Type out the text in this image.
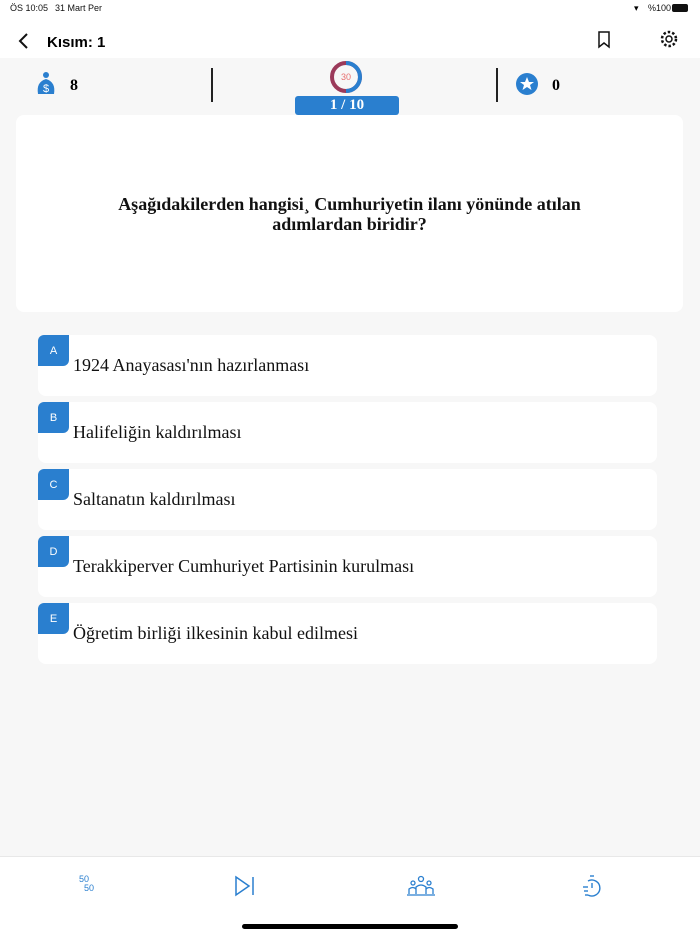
ÖS 10:05 31 Mart Per	▾ %100
Kısım: 1
$ 8	30
1 / 10
0
Aşağıdakilerden hangisi¸ Cumhuriyetin ilanı yönünde atılan adımlardan biridir?
A
1924 Anayasası'nın hazırlanması
B
Halifeliğin kaldırılması
C
Saltanatın kaldırılması
D
Terakkiperver Cumhuriyet Partisinin kurulması
E
Öğretim birliği ilkesinin kabul edilmesi
50
50
